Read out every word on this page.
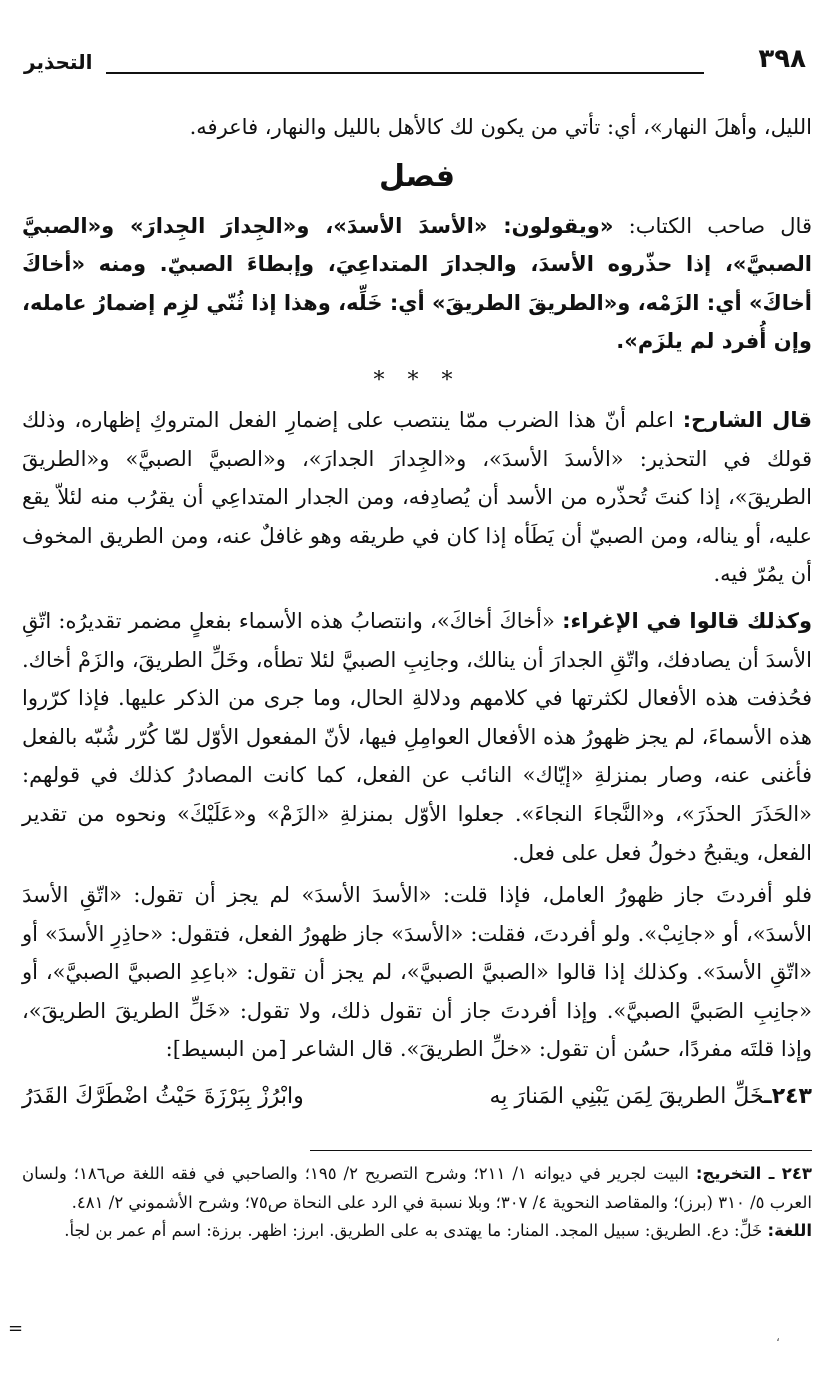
٣٩٨
التحذير

الليل، وأهلَ النهار»، أي: تأتي من يكون لك كالأهل بالليل والنهار، فاعرفه.

فصل

قال صاحب الكتاب: «ويقولون: «الأسدَ الأسدَ»، و«الجِدارَ الجِدارَ» و«الصبيَّ الصبيَّ»، إذا حذّروه الأسدَ، والجدارَ المتداعِيَ، وإبطاءَ الصبيّ. ومنه «أخاكَ أخاكَ» أي: الزَمْه، و«الطريقَ الطريقَ» أي: خَلِّه، وهذا إذا ثُنّي لزِم إضمارُ عامله، وإن أُفرد لم يلزَم».

* * *

قال الشارح: اعلم أنّ هذا الضرب ممّا ينتصب على إضمارِ الفعل المتروكِ إظهاره، وذلك قولك في التحذير: «الأسدَ الأسدَ»، و«الجِدارَ الجدارَ»، و«الصبيَّ الصبيَّ» و«الطريقَ الطريقَ»، إذا كنتَ تُحذّره من الأسد أن يُصادِفه، ومن الجدار المتداعِي أن يقرُب منه لئلاّ يقع عليه، أو يناله، ومن الصبيّ أن يَطَأه إذا كان في طريقه وهو غافلٌ عنه، ومن الطريق المخوف أن يمُرّ فيه.

وكذلك قالوا في الإغراء: «أخاكَ أخاكَ»، وانتصابُ هذه الأسماء بفعلٍ مضمر تقديرُه: اتّقِ الأسدَ أن يصادفك، واتّقِ الجدارَ أن ينالك، وجانِبِ الصبيَّ لئلا تطأه، وخَلِّ الطريقَ، والزَمْ أخاك. فحُذفت هذه الأفعال لكثرتها في كلامهم ودلالةِ الحال، وما جرى من الذكر عليها. فإذا كرّروا هذه الأسماءَ، لم يجز ظهورُ هذه الأفعال العوامِلِ فيها، لأنّ المفعول الأوّل لمّا كُرّر شُبّه بالفعل فأغنى عنه، وصار بمنزلةِ «إيّاك» النائب عن الفعل، كما كانت المصادرُ كذلك في قولهم: «الحَذَرَ الحذَرَ»، و«النَّجاءَ النجاءَ». جعلوا الأوّل بمنزلةِ «الزَمْ» و«عَلَيْكَ» ونحوه من تقدير الفعل، ويقبحُ دخولُ فعل على فعل.

فلو أفردتَ جاز ظهورُ العامل، فإذا قلت: «الأسدَ الأسدَ» لم يجز أن تقول: «اتّقِ الأسدَ الأسدَ»، أو «جانِبْ». ولو أفردتَ، فقلت: «الأسدَ» جاز ظهورُ الفعل، فتقول: «حاذِرِ الأسدَ» أو «اتّقِ الأسدَ». وكذلك إذا قالوا «الصبيَّ الصبيَّ»، لم يجز أن تقول: «باعِدِ الصبيَّ الصبيَّ»، أو «جانِبِ الصَبيَّ الصبيَّ». وإذا أفردتَ جاز أن تقول ذلك، ولا تقول: «خَلِّ الطريقَ الطريقَ»، وإذا قلتَه مفردًا، حسُن أن تقول: «خلِّ الطريقَ». قال الشاعر [من البسيط]:

٢٤٣ـخَلِّ الطريقَ لِمَن يَبْنِي المَنارَ بِه
وابْرُزْ بِبَرْزَةَ حَيْثُ اضْطَرَّكَ القَدَرُ

٢٤٣ ـ التخريج: البيت لجرير في ديوانه ١/ ٢١١؛ وشرح التصريح ٢/ ١٩٥؛ والصاحبي في فقه اللغة ص١٨٦؛ ولسان العرب ٥/ ٣١٠ (برز)؛ والمقاصد النحوية ٤/ ٣٠٧؛ وبلا نسبة في الرد على النحاة ص٧٥؛ وشرح الأشموني ٢/ ٤٨١.

اللغة: خَلِّ: دع. الطريق: سبيل المجد. المنار: ما يهتدى به على الطريق. ابرز: اظهر. برزة: اسم أم عمر بن لجأ.

=	،
